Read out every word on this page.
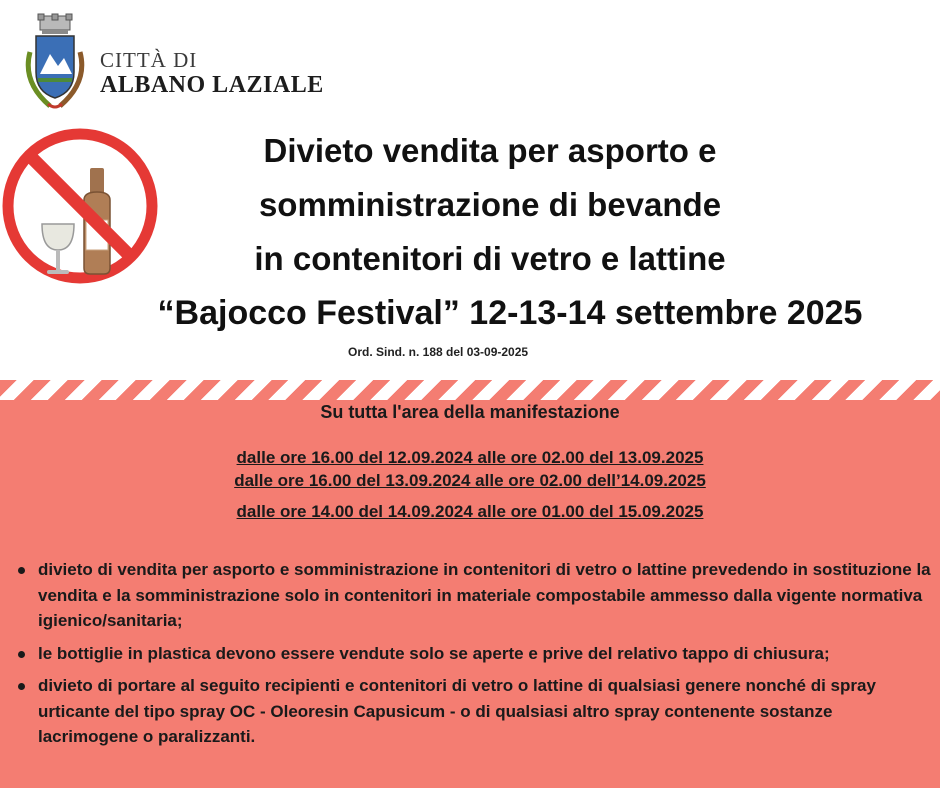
CITTÀ DI
ALBANO LAZIALE
Divieto vendita per asporto e
somministrazione di bevande
in contenitori di vetro e lattine
“Bajocco Festival” 12-13-14 settembre 2025
Ord. Sind. n. 188 del 03-09-2025
Su tutta l'area della manifestazione
dalle ore 16.00 del 12.09.2024 alle ore 02.00 del 13.09.2025
dalle ore 16.00 del 13.09.2024 alle ore 02.00 dell’14.09.2025
dalle ore 14.00 del 14.09.2024 alle ore 01.00 del 15.09.2025
divieto di vendita per asporto e somministrazione in contenitori di vetro o lattine prevedendo in sostituzione la vendita e la somministrazione solo in contenitori in materiale compostabile ammesso dalla vigente normativa igienico/sanitaria;
le bottiglie in plastica devono essere vendute solo se aperte e prive del relativo tappo di chiusura;
divieto di portare al seguito recipienti e contenitori di vetro o lattine di qualsiasi genere nonché di spray urticante del tipo spray OC - Oleoresin Capusicum - o di qualsiasi altro spray contenente sostanze lacrimogene o paralizzanti.
